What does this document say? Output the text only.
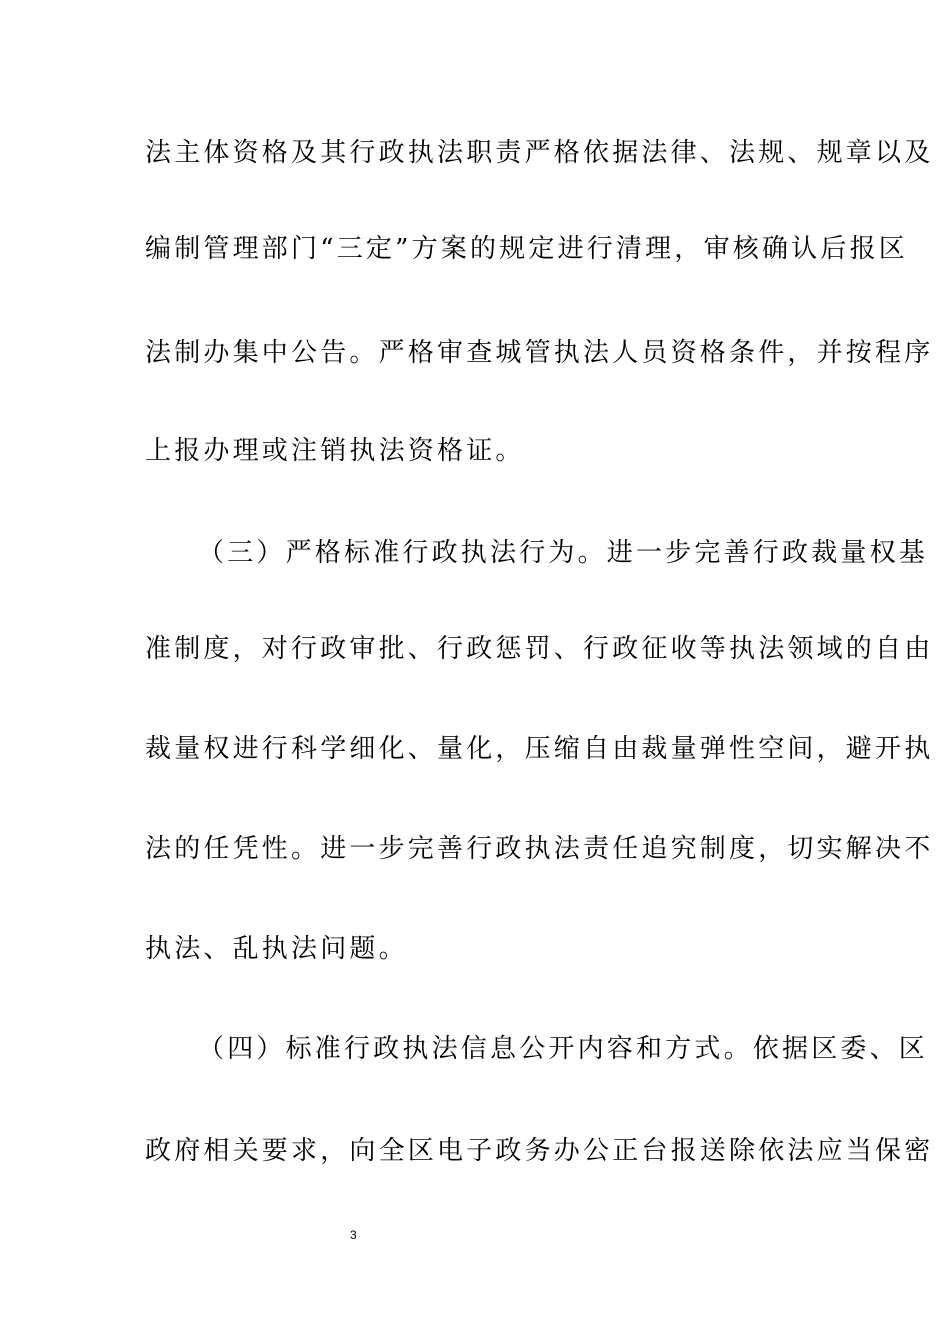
法主体资格及其行政执法职责严格依据法律、法规、规章以及
编制管理部门“三定”方案的规定进行清理，审核确认后报区
法制办集中公告。严格审查城管执法人员资格条件，并按程序
上报办理或注销执法资格证。
（三）严格标准行政执法行为。进一步完善行政裁量权基
准制度，对行政审批、行政惩罚、行政征收等执法领域的自由
裁量权进行科学细化、量化，压缩自由裁量弹性空间，避开执
法的任凭性。进一步完善行政执法责任追究制度，切实解决不
执法、乱执法问题。
（四）标准行政执法信息公开内容和方式。依据区委、区
政府相关要求，向全区电子政务办公正台报送除依法应当保密
3
